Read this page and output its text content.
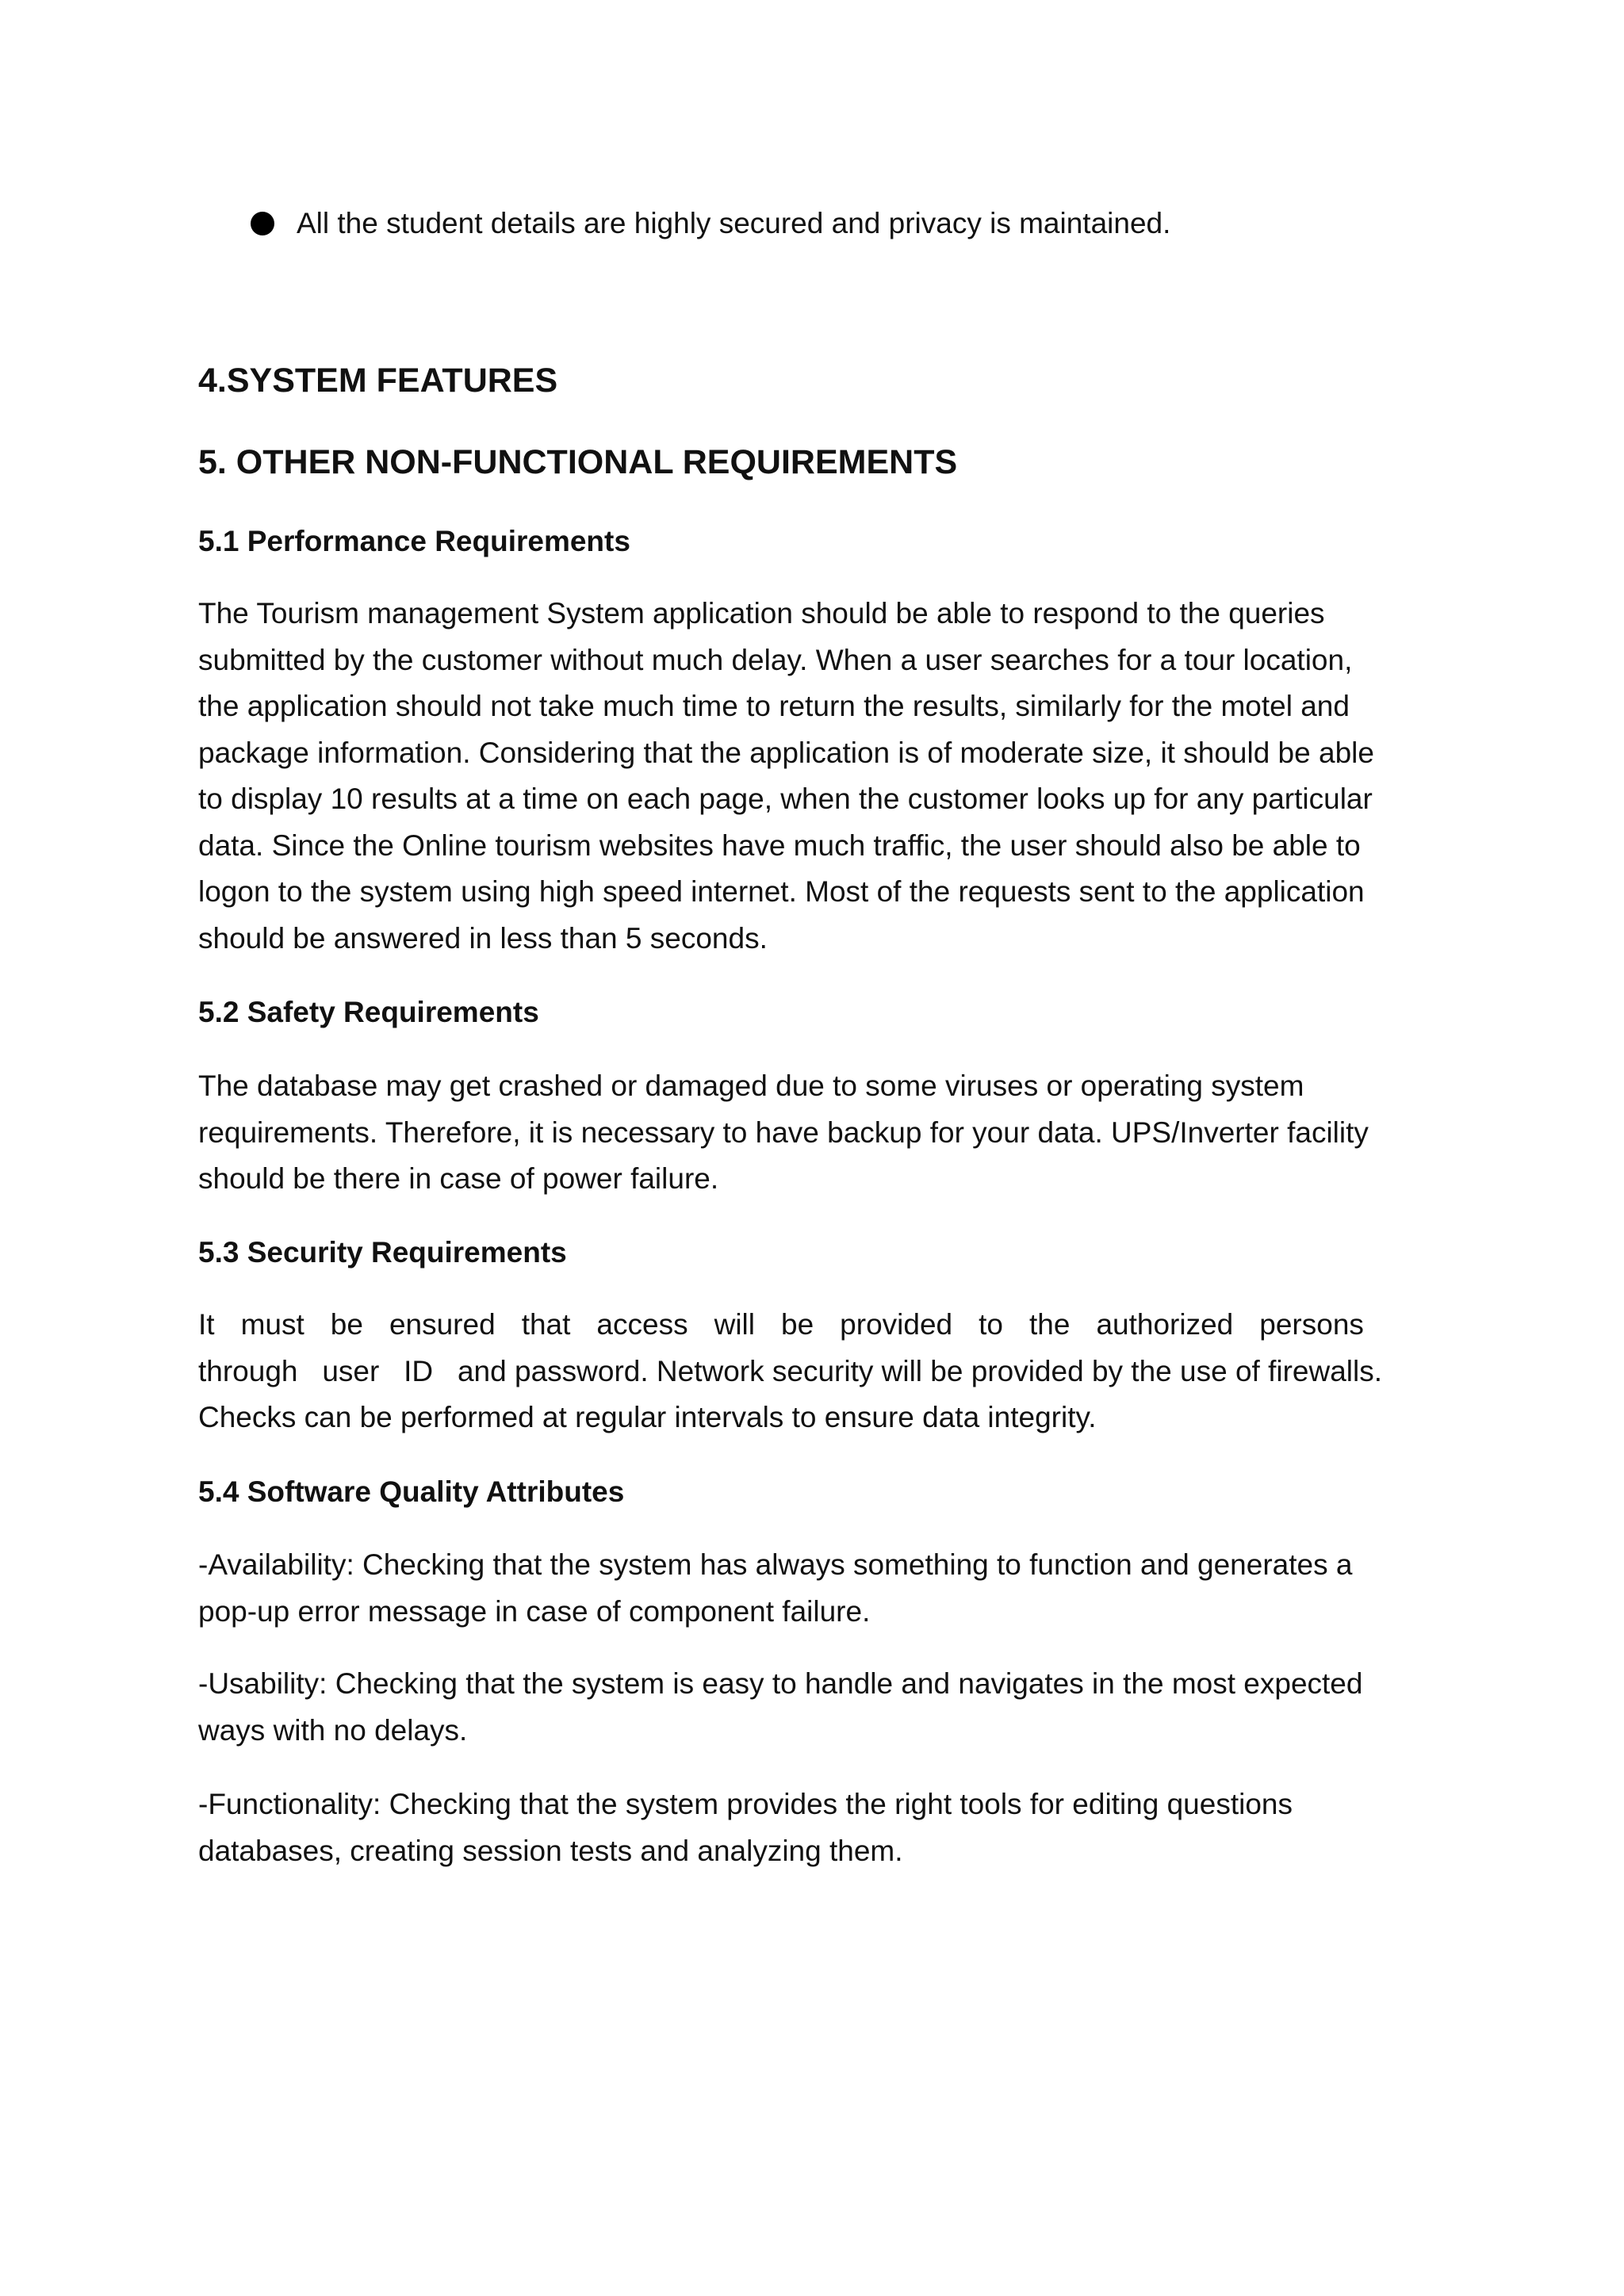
All the student details are highly secured and privacy is maintained.
4.SYSTEM FEATURES
5. OTHER NON-FUNCTIONAL REQUIREMENTS
5.1 Performance Requirements
The Tourism management System application should be able to respond to the queries
submitted by the customer without much delay. When a user searches for a tour location,
the application should not take much time to return the results, similarly for the motel and
package information. Considering that the application is of moderate size, it should be able
to display 10 results at a time on each page, when the customer looks up for any particular
data. Since the Online tourism websites have much traffic, the user should also be able to
logon to the system using high speed internet. Most of the requests sent to the application
should be answered in less than 5 seconds.
5.2 Safety Requirements
The database may get crashed or damaged due to some viruses or operating system
requirements. Therefore, it is necessary to have backup for your data. UPS/Inverter facility
should be there in case of power failure.
5.3 Security Requirements
It must be ensured that access will be provided to the authorized persons
through   user   ID   and password. Network security will be provided by the use of firewalls.
Checks can be performed at regular intervals to ensure data integrity.
5.4 Software Quality Attributes
-Availability: Checking that the system has always something to function and generates a
pop-up error message in case of component failure.
-Usability: Checking that the system is easy to handle and navigates in the most expected
ways with no delays.
-Functionality: Checking that the system provides the right tools for editing questions
databases, creating session tests and analyzing them.
